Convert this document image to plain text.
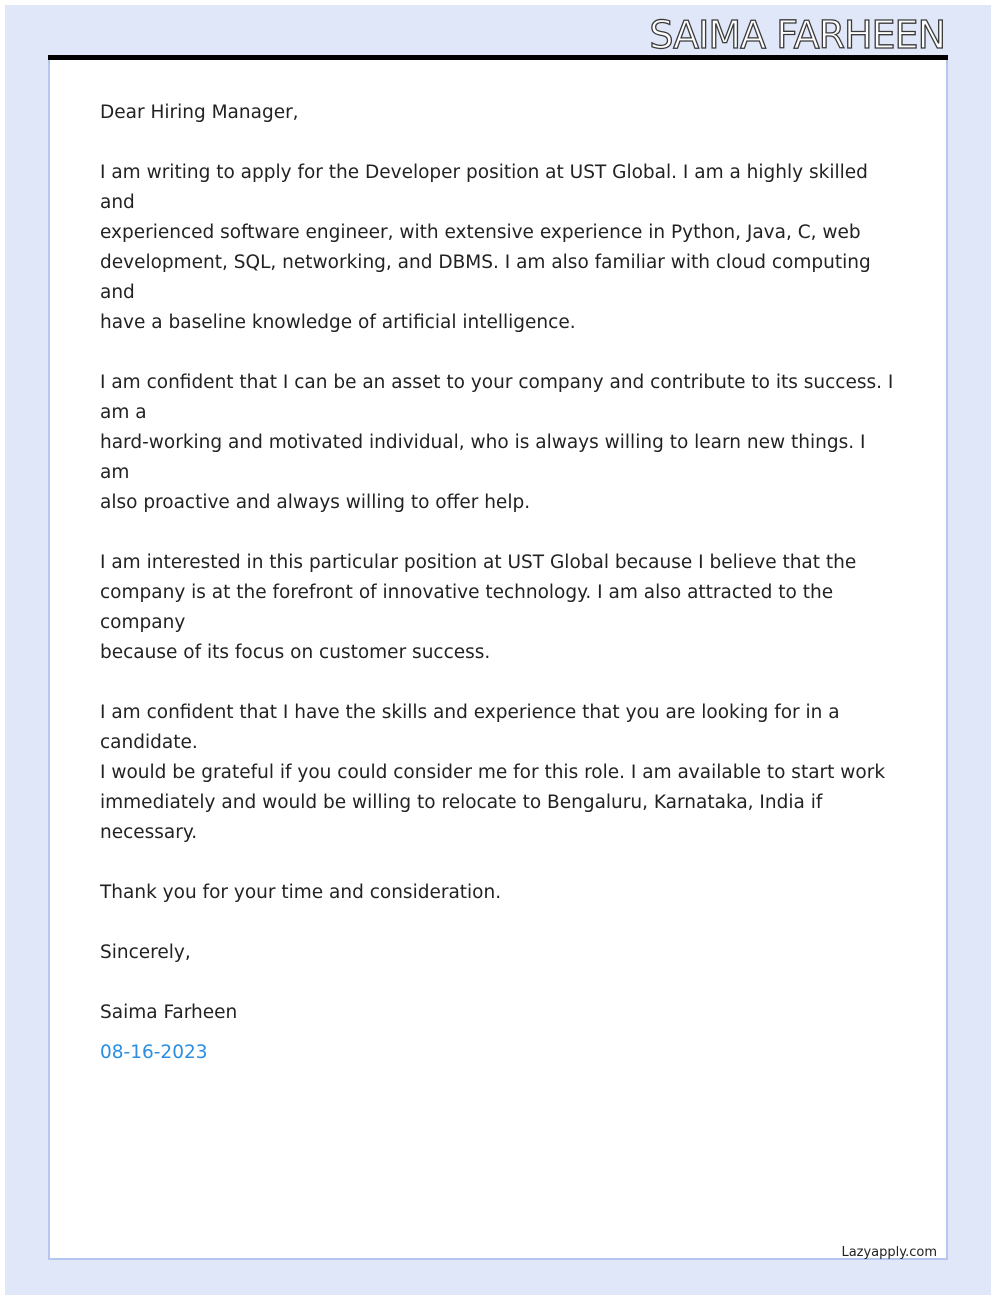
SAIMA FARHEEN

Dear Hiring Manager,

I am writing to apply for the Developer position at UST Global. I am a highly skilled and
experienced software engineer, with extensive experience in Python, Java, C, web
development, SQL, networking, and DBMS. I am also familiar with cloud computing and
have a baseline knowledge of artificial intelligence.

I am confident that I can be an asset to your company and contribute to its success. I am a
hard-working and motivated individual, who is always willing to learn new things. I am
also proactive and always willing to offer help.

I am interested in this particular position at UST Global because I believe that the
company is at the forefront of innovative technology. I am also attracted to the company
because of its focus on customer success.

I am confident that I have the skills and experience that you are looking for in a candidate.
I would be grateful if you could consider me for this role. I am available to start work
immediately and would be willing to relocate to Bengaluru, Karnataka, India if necessary.

Thank you for your time and consideration.

Sincerely,

Saima Farheen

08-16-2023

Lazyapply.com
